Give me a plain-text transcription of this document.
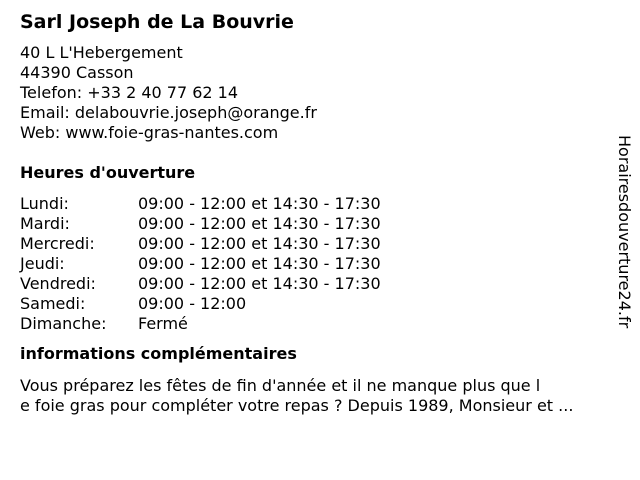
Sarl Joseph de La Bouvrie
40 L L'Hebergement
44390 Casson
Telefon: +33 2 40 77 62 14
Email: delabouvrie.joseph@orange.fr
Web: www.foie-gras-nantes.com
Heures d'ouverture
Lundi:	09:00 - 12:00 et 14:30 - 17:30
Mardi:	09:00 - 12:00 et 14:30 - 17:30
Mercredi:	09:00 - 12:00 et 14:30 - 17:30
Jeudi:	09:00 - 12:00 et 14:30 - 17:30
Vendredi:	09:00 - 12:00 et 14:30 - 17:30
Samedi:	09:00 - 12:00
Dimanche:	Fermé
informations complémentaires
Vous préparez les fêtes de fin d'année et il ne manque plus que l
e foie gras pour compléter votre repas ? Depuis 1989, Monsieur et ...
Horairesdouverture24.fr
